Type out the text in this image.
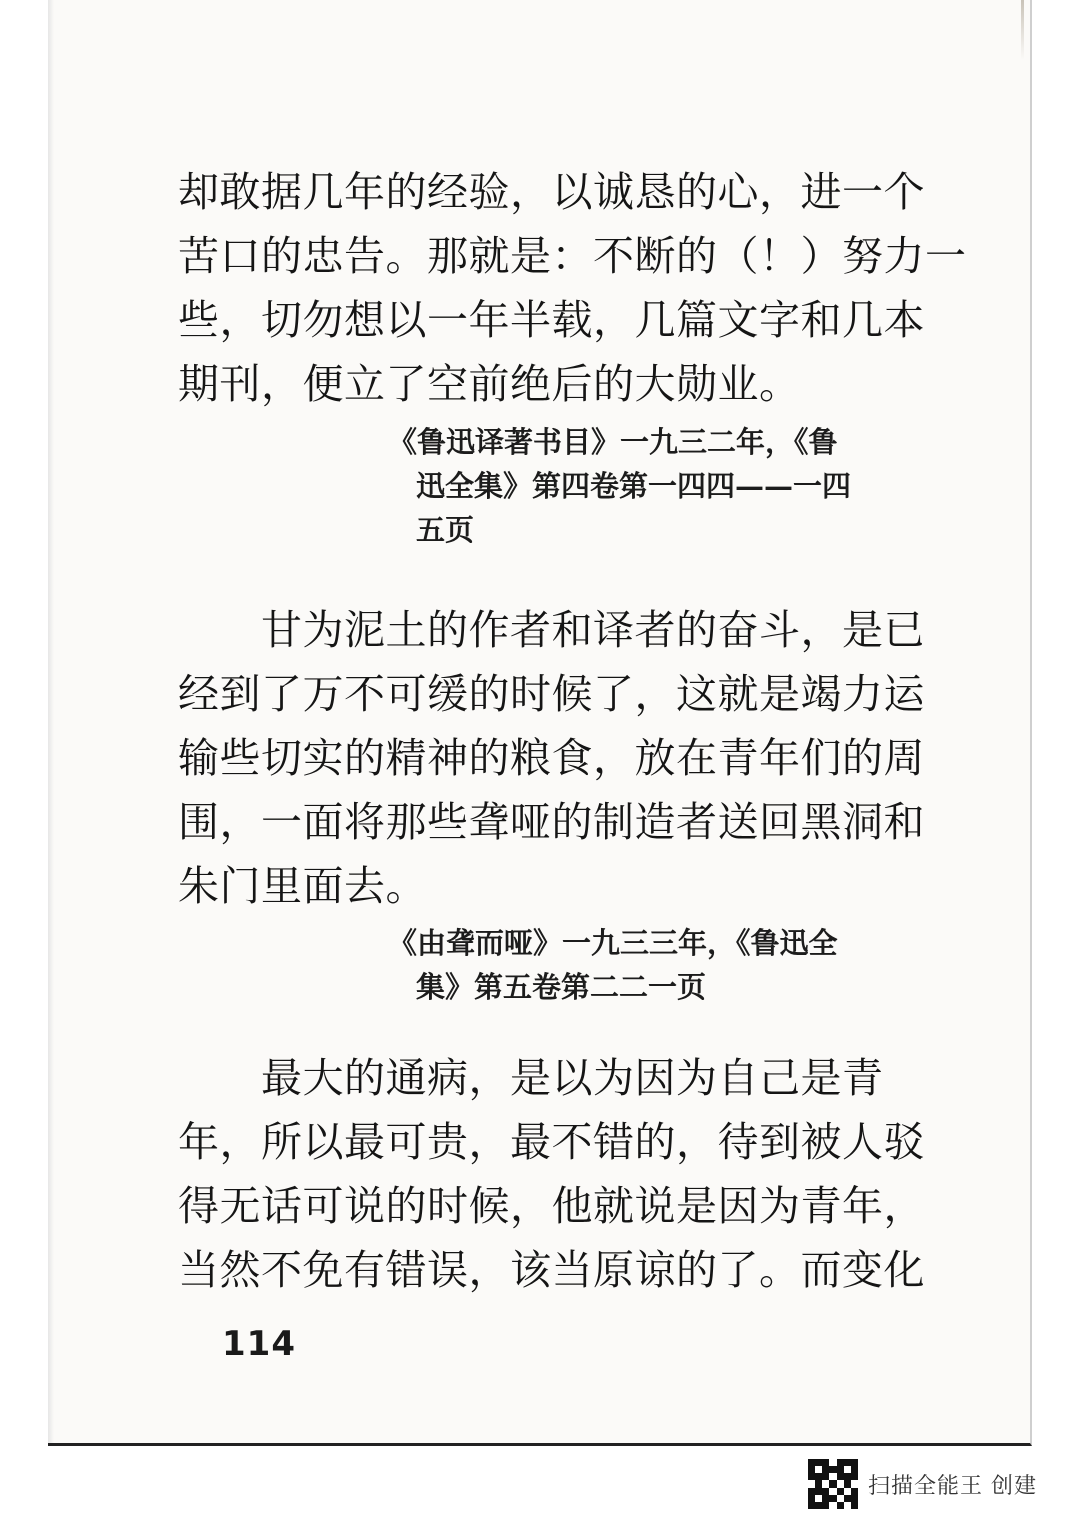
却敢据几年的经验，以诚恳的心，进一个
苦口的忠告。那就是：不断的（！）努力一
些，切勿想以一年半载，几篇文字和几本
期刊，便立了空前绝后的大勋业。
《鲁迅译著书目》一九三二年，《鲁
迅全集》第四卷第一四四——一四
五页
　　甘为泥土的作者和译者的奋斗，是已
经到了万不可缓的时候了，这就是竭力运
输些切实的精神的粮食，放在青年们的周
围，一面将那些聋哑的制造者送回黑洞和
朱门里面去。
《由聋而哑》一九三三年，《鲁迅全
集》第五卷第二二一页
　　最大的通病，是以为因为自己是青
年，所以最可贵，最不错的，待到被人驳
得无话可说的时候，他就说是因为青年，
当然不免有错误，该当原谅的了。而变化
114
扫描全能王 创建
